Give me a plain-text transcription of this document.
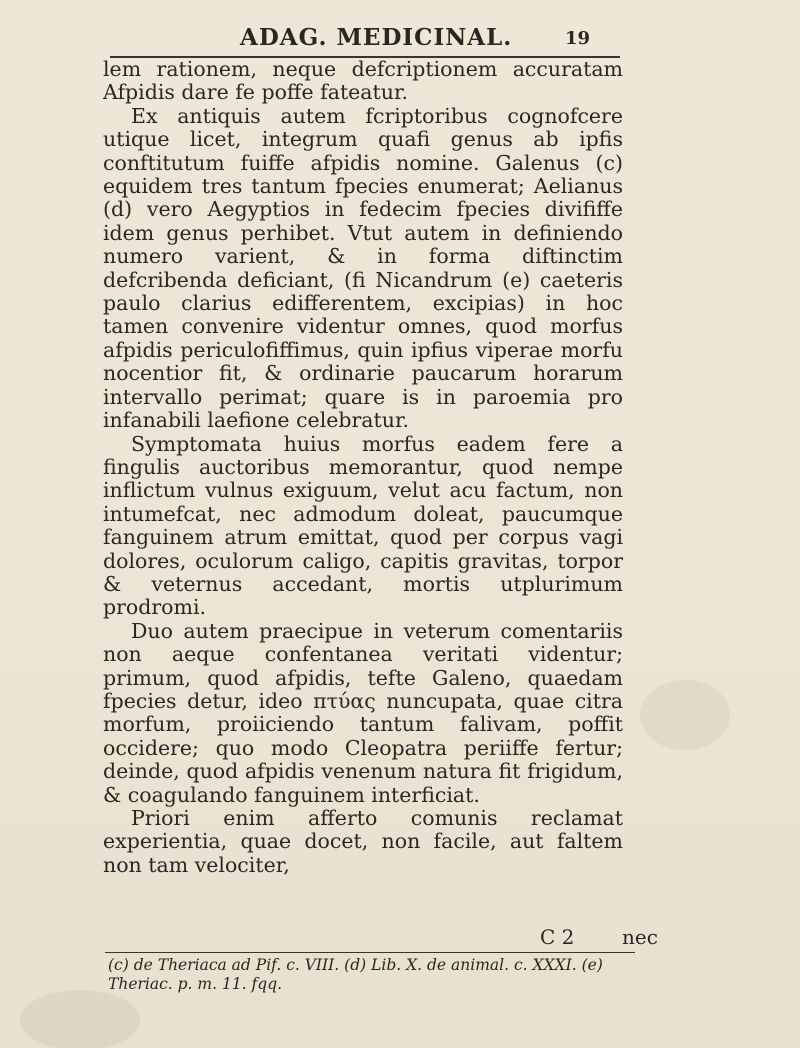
ADAG. MEDICINAL.	19

lem rationem, neque defcriptionem accuratam Afpidis dare fe poffe fateatur.

Ex antiquis autem fcriptoribus cognofcere utique licet, integrum quafi genus ab ipfis conftitutum fuiffe afpidis nomine. Galenus (c) equidem tres tantum fpecies enumerat; Aelianus (d) vero Aegyptios in fedecim fpecies divififfe idem genus perhibet. Vtut autem in definiendo numero varient, & in forma diftinctim defcribenda deficiant, (fi Nicandrum (e) caeteris paulo clarius edifferentem, excipias) in hoc tamen convenire videntur omnes, quod morfus afpidis periculofiffimus, quin ipfius viperae morfu nocentior fit, & ordinarie paucarum horarum intervallo perimat; quare is in paroemia pro infanabili laefione celebratur.

Symptomata huius morfus eadem fere a fingulis auctoribus memorantur, quod nempe inflictum vulnus exiguum, velut acu factum, non intumefcat, nec admodum doleat, paucumque fanguinem atrum emittat, quod per corpus vagi dolores, oculorum caligo, capitis gravitas, torpor & veternus accedant, mortis utplurimum prodromi.

Duo autem praecipue in veterum comentariis non aeque confentanea veritati videntur; primum, quod afpidis, tefte Galeno, quaedam fpecies detur, ideo πτύας nuncupata, quae citra morfum, proiiciendo tantum falivam, poffit occidere; quo modo Cleopatra periiffe fertur; deinde, quod afpidis venenum natura fit frigidum, & coagulando fanguinem interficiat.

Priori enim afferto comunis reclamat experientia, quae docet, non facile, aut faltem non tam velociter,

C 2 nec
(c) de Theriaca ad Pif. c. VIII. (d) Lib. X. de animal. c. XXXI. (e) Theriac. p. m. 11. fqq.
